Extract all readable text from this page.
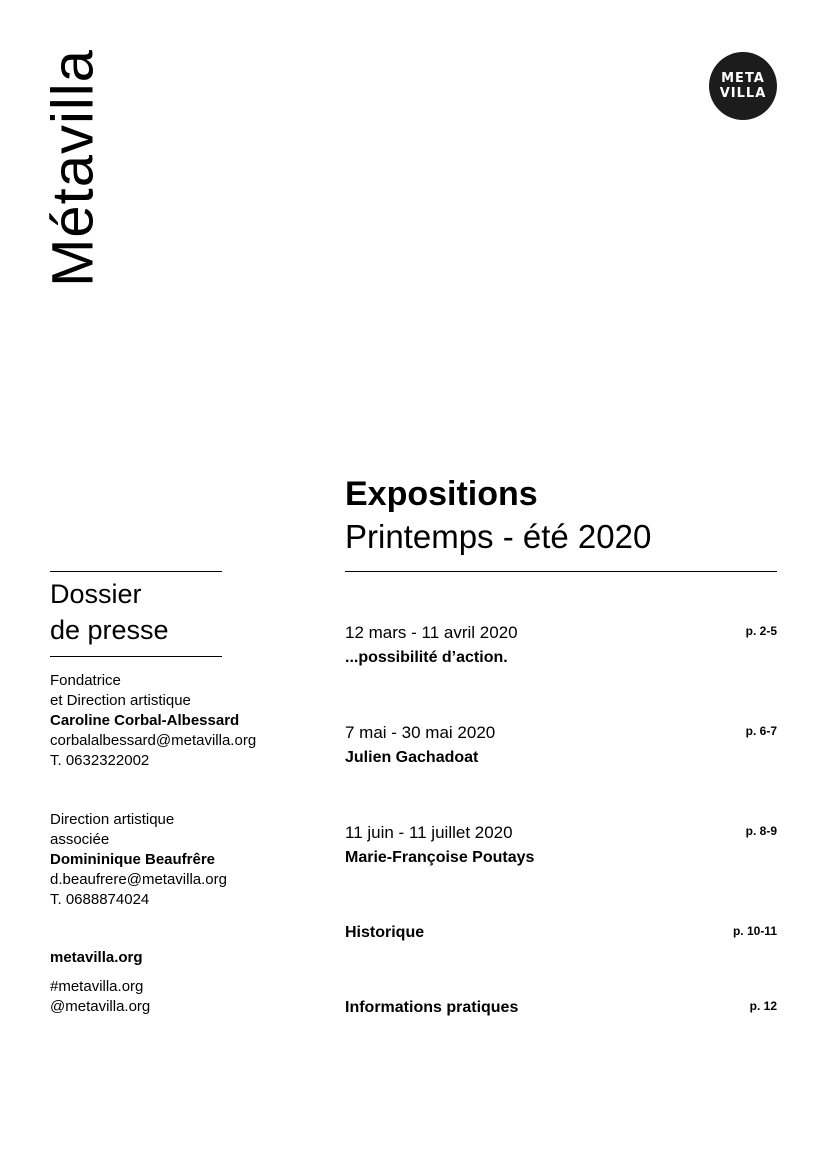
Métavilla	META
VILLA
Expositions
Printemps - été 2020
Dossier
de presse
Fondatrice
et Direction artistique
Caroline Corbal-Albessard
corbalalbessard@metavilla.org
T. 0632322002
Direction artistique
associée
Domininique Beaufrêre
d.beaufrere@metavilla.org
T. 0688874024
metavilla.org
#metavilla.org
@metavilla.org
12 mars - 11 avril 2020
...possibilité d’action.
p. 2-5
7 mai - 30 mai 2020
Julien Gachadoat
p. 6-7
11 juin - 11 juillet 2020
Marie-Françoise Poutays
p. 8-9
Historique	p. 10-11
Informations pratiques	p. 12
